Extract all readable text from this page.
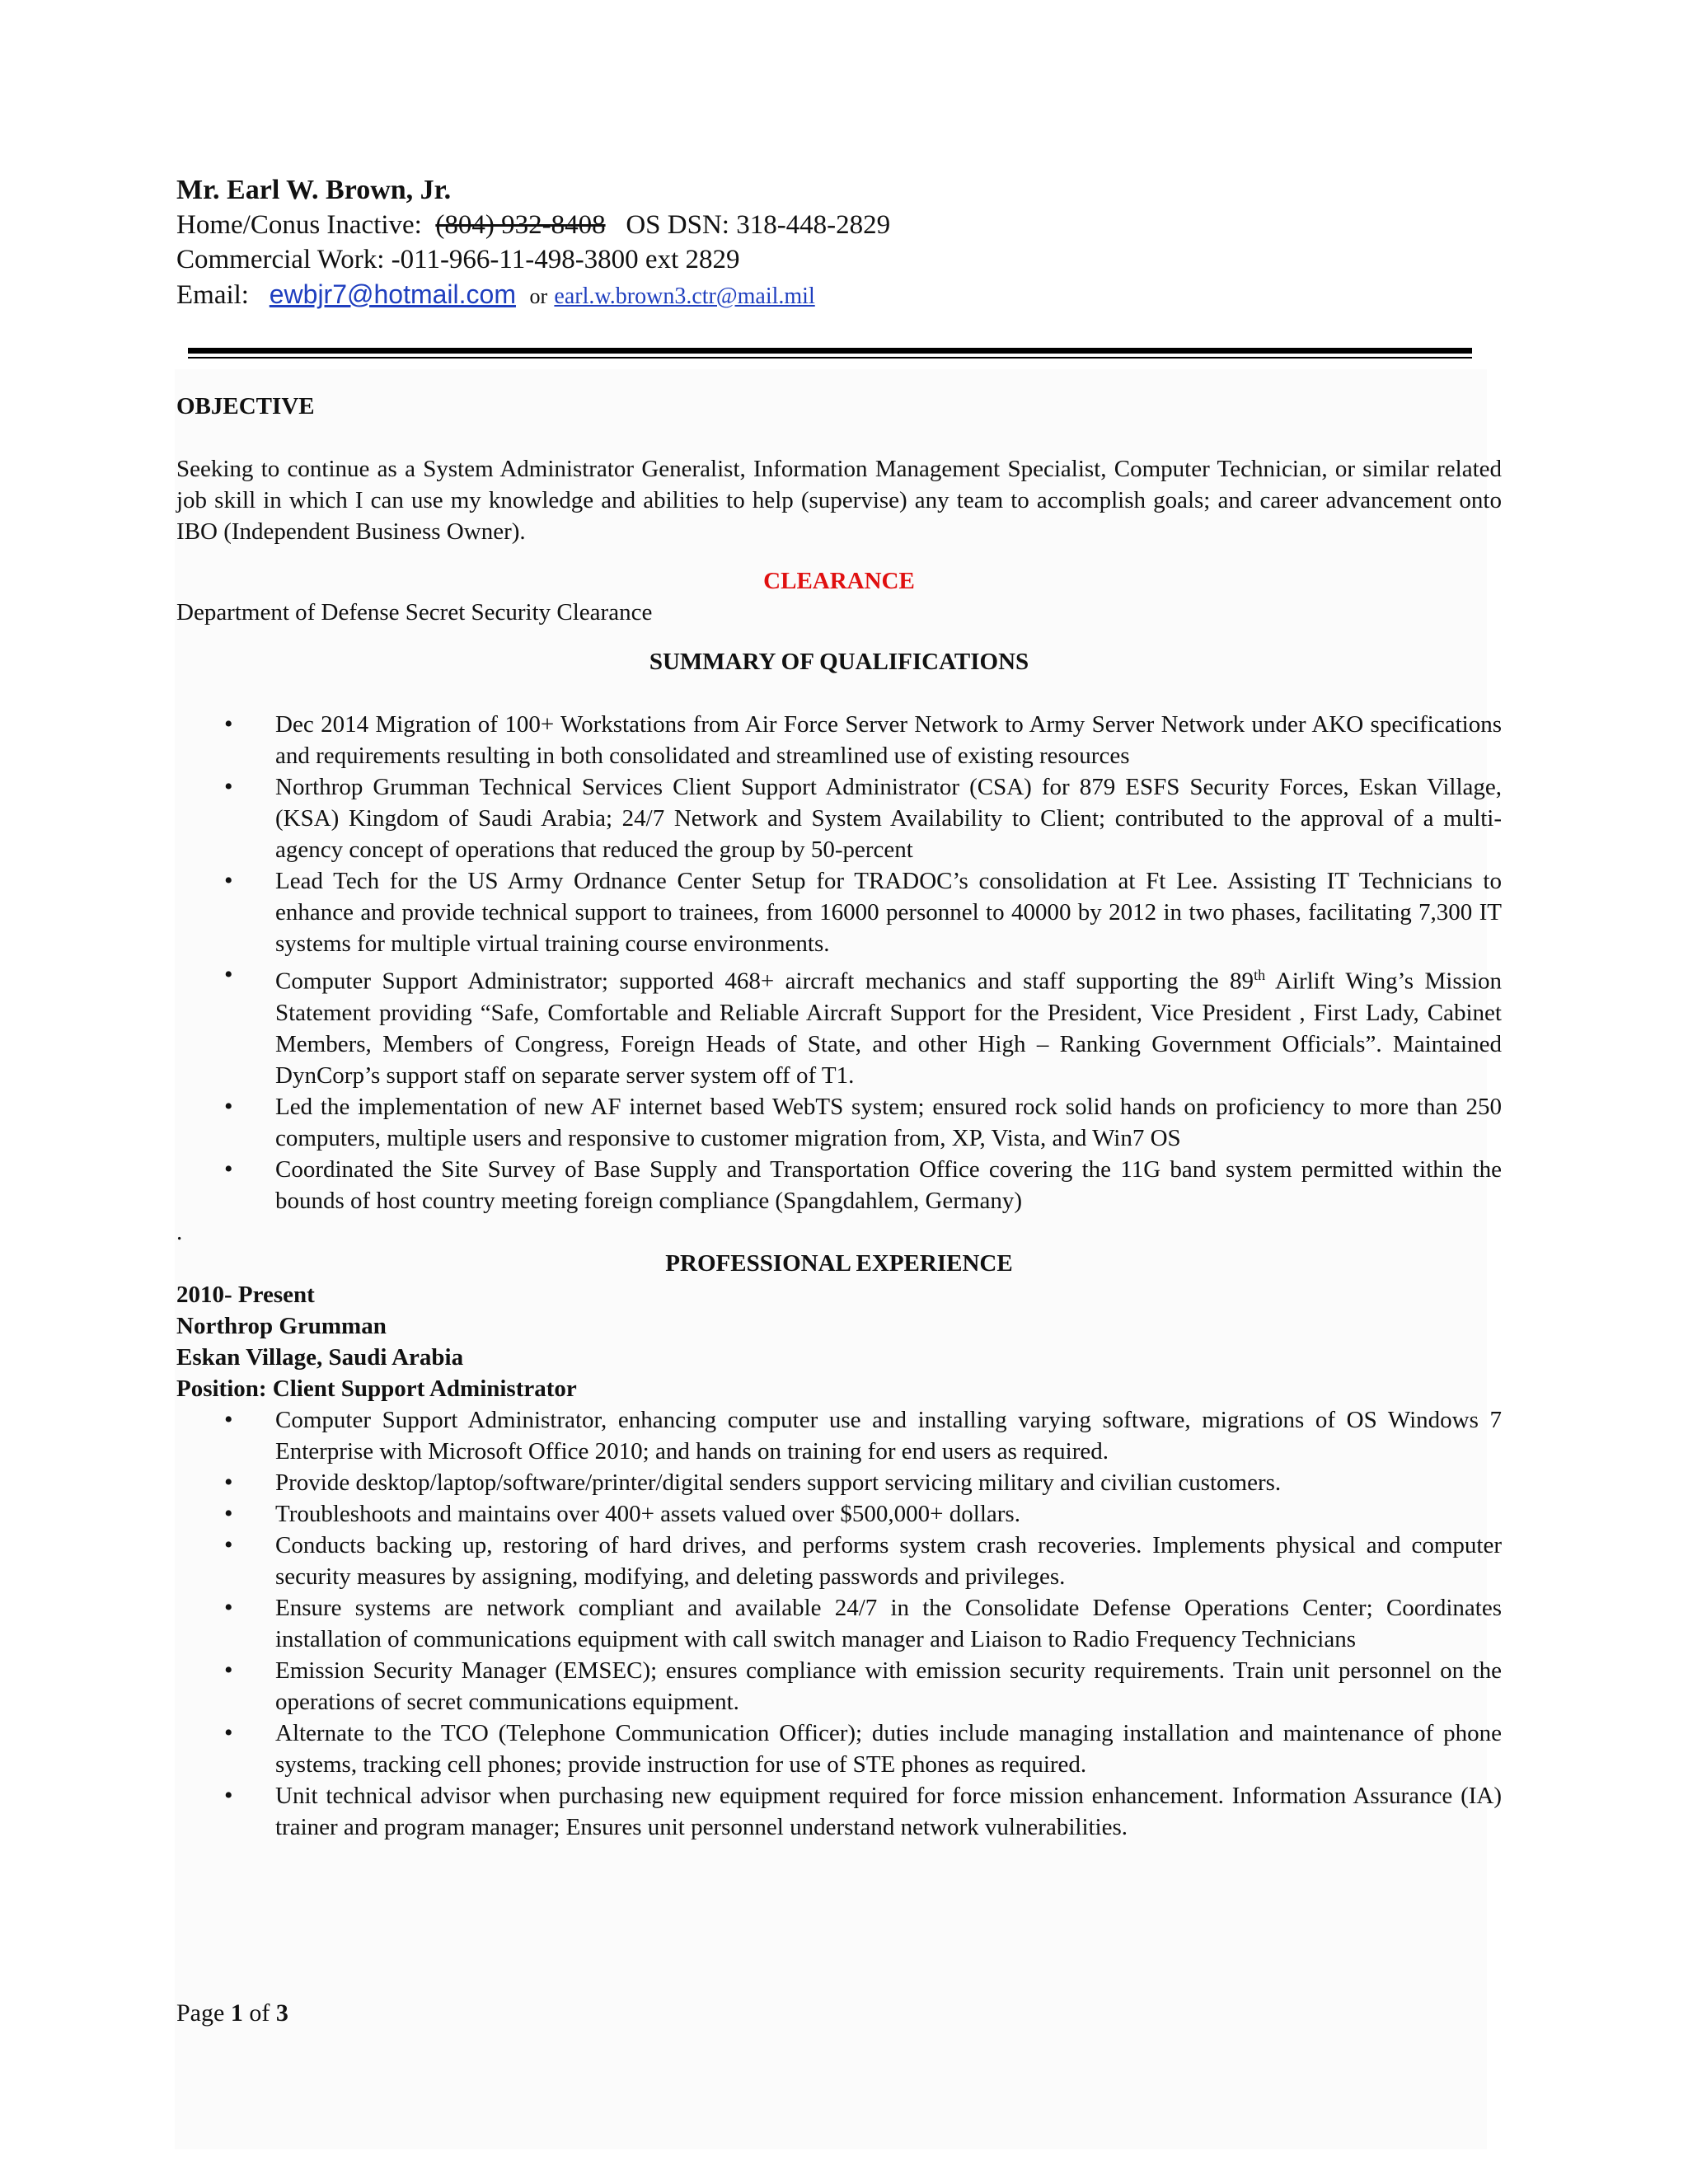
Mr. Earl W. Brown, Jr.
Home/Conus Inactive: (804) 932-8408 OS DSN: 318-448-2829
Commercial Work: -011-966-11-498-3800 ext 2829
Email: ewbjr7@hotmail.com or earl.w.brown3.ctr@mail.mil
OBJECTIVE
Seeking to continue as a System Administrator Generalist, Information Management Specialist, Computer Technician, or similar related job skill in which I can use my knowledge and abilities to help (supervise) any team to accomplish goals; and career advancement onto IBO (Independent Business Owner).
CLEARANCE
Department of Defense Secret Security Clearance
SUMMARY OF QUALIFICATIONS
• Dec 2014 Migration of 100+ Workstations from Air Force Server Network to Army Server Network under AKO specifications and requirements resulting in both consolidated and streamlined use of existing resources
• Northrop Grumman Technical Services Client Support Administrator (CSA) for 879 ESFS Security Forces, Eskan Village, (KSA) Kingdom of Saudi Arabia; 24/7 Network and System Availability to Client; contributed to the approval of a multi-agency concept of operations that reduced the group by 50-percent
• Lead Tech for the US Army Ordnance Center Setup for TRADOC’s consolidation at Ft Lee. Assisting IT Technicians to enhance and provide technical support to trainees, from 16000 personnel to 40000 by 2012 in two phases, facilitating 7,300 IT systems for multiple virtual training course environments.
• Computer Support Administrator; supported 468+ aircraft mechanics and staff supporting the 89th Airlift Wing’s Mission Statement providing “Safe, Comfortable and Reliable Aircraft Support for the President, Vice President , First Lady, Cabinet Members, Members of Congress, Foreign Heads of State, and other High – Ranking Government Officials”. Maintained DynCorp’s support staff on separate server system off of T1.
• Led the implementation of new AF internet based WebTS system; ensured rock solid hands on proficiency to more than 250 computers, multiple users and responsive to customer migration from, XP, Vista, and Win7 OS
• Coordinated the Site Survey of Base Supply and Transportation Office covering the 11G band system permitted within the bounds of host country meeting foreign compliance (Spangdahlem, Germany)
.
PROFESSIONAL EXPERIENCE
2010- Present
Northrop Grumman
Eskan Village, Saudi Arabia
Position: Client Support Administrator
• Computer Support Administrator, enhancing computer use and installing varying software, migrations of OS Windows 7 Enterprise with Microsoft Office 2010; and hands on training for end users as required.
• Provide desktop/laptop/software/printer/digital senders support servicing military and civilian customers.
• Troubleshoots and maintains over 400+ assets valued over $500,000+ dollars.
• Conducts backing up, restoring of hard drives, and performs system crash recoveries. Implements physical and computer security measures by assigning, modifying, and deleting passwords and privileges.
• Ensure systems are network compliant and available 24/7 in the Consolidate Defense Operations Center; Coordinates installation of communications equipment with call switch manager and Liaison to Radio Frequency Technicians
• Emission Security Manager (EMSEC); ensures compliance with emission security requirements. Train unit personnel on the operations of secret communications equipment.
• Alternate to the TCO (Telephone Communication Officer); duties include managing installation and maintenance of phone systems, tracking cell phones; provide instruction for use of STE phones as required.
• Unit technical advisor when purchasing new equipment required for force mission enhancement. Information Assurance (IA) trainer and program manager; Ensures unit personnel understand network vulnerabilities.
Page 1 of 3
